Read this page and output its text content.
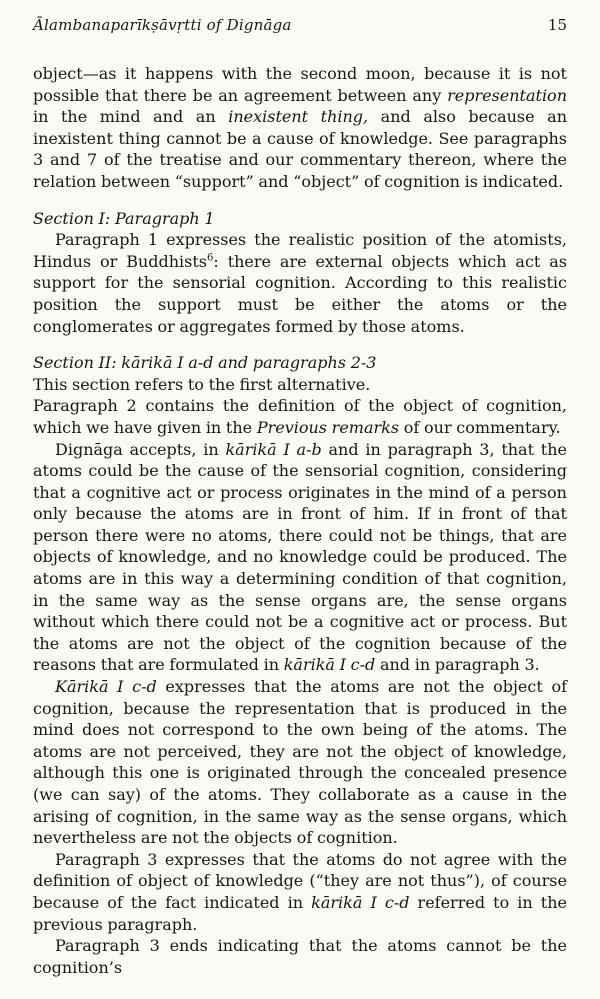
Ālambanaparīkṣāvṛtti of Dignāga	15

object—as it happens with the second moon, because it is not possible that there be an agreement between any representation in the mind and an inexistent thing, and also because an inexistent thing cannot be a cause of knowledge. See paragraphs 3 and 7 of the treatise and our commentary thereon, where the relation between “support” and “object” of cognition is indicated.

Section I: Paragraph 1

Paragraph 1 expresses the realistic position of the atomists, Hindus or Buddhists$^6$: there are external objects which act as support for the sensorial cognition. According to this realistic position the support must be either the atoms or the conglomerates or aggregates formed by those atoms.

Section II: kārikā I a-d and paragraphs 2-3

This section refers to the first alternative.

Paragraph 2 contains the definition of the object of cognition, which we have given in the Previous remarks of our commentary.

Dignāga accepts, in kārikā I a-b and in paragraph 3, that the atoms could be the cause of the sensorial cognition, considering that a cognitive act or process originates in the mind of a person only because the atoms are in front of him. If in front of that person there were no atoms, there could not be things, that are objects of knowledge, and no knowledge could be produced. The atoms are in this way a determining condition of that cognition, in the same way as the sense organs are, the sense organs without which there could not be a cognitive act or process. But the atoms are not the object of the cognition because of the reasons that are formulated in kārikā I c-d and in paragraph 3.

Kārikā I c-d expresses that the atoms are not the object of cognition, because the representation that is produced in the mind does not correspond to the own being of the atoms. The atoms are not perceived, they are not the object of knowledge, although this one is originated through the concealed presence (we can say) of the atoms. They collaborate as a cause in the arising of cognition, in the same way as the sense organs, which nevertheless are not the objects of cognition.

Paragraph 3 expresses that the atoms do not agree with the definition of object of knowledge (“they are not thus”), of course because of the fact indicated in kārikā I c-d referred to in the previous paragraph.

Paragraph 3 ends indicating that the atoms cannot be the cognition’s
